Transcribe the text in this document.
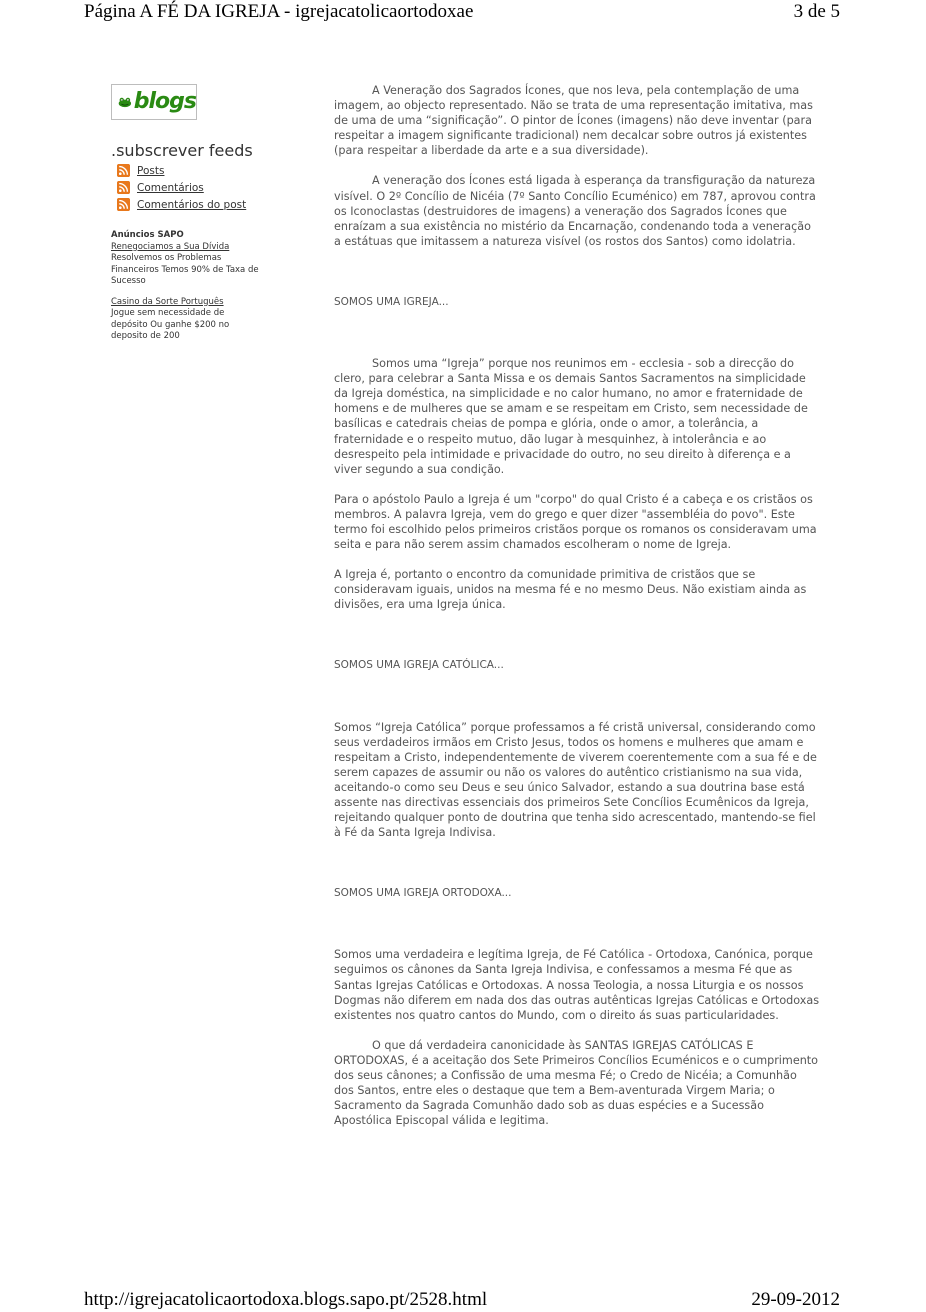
Página A FÉ DA IGREJA - igrejacatolicaortodoxae	3 de 5
blogs
.subscrever feeds
Posts
Comentários
Comentários do post
Anúncios SAPO
Renegociamos a Sua Dívida
Resolvemos os Problemas Financeiros Temos 90% de Taxa de Sucesso
Casino da Sorte Português
Jogue sem necessidade de depósito Ou ganhe $200 no deposito de 200

A Veneração dos Sagrados Ícones, que nos leva, pela contemplação de uma imagem, ao objecto representado. Não se trata de uma representação imitativa, mas de uma de uma “significação”. O pintor de Ícones (imagens) não deve inventar (para respeitar a imagem significante tradicional) nem decalcar sobre outros já existentes (para respeitar a liberdade da arte e a sua diversidade).

A veneração dos Ícones está ligada à esperança da transfiguração da natureza visível. O 2º Concílio de Nicéia (7º Santo Concílio Ecuménico) em 787, aprovou contra os Iconoclastas (destruidores de imagens) a veneração dos Sagrados Ícones que enraízam a sua existência no mistério da Encarnação, condenando toda a veneração a estátuas que imitassem a natureza visível (os rostos dos Santos) como idolatria.

SOMOS UMA IGREJA...

Somos uma “Igreja” porque nos reunimos em - ecclesia - sob a direcção do clero, para celebrar a Santa Missa e os demais Santos Sacramentos na simplicidade da Igreja doméstica, na simplicidade e no calor humano, no amor e fraternidade de homens e de mulheres que se amam e se respeitam em Cristo, sem necessidade de basílicas e catedrais cheias de pompa e glória, onde o amor, a tolerância, a fraternidade e o respeito mutuo, dão lugar à mesquinhez, à intolerância e ao desrespeito pela intimidade e privacidade do outro, no seu direito à diferença e a viver segundo a sua condição.

Para o apóstolo Paulo a Igreja é um "corpo" do qual Cristo é a cabeça e os cristãos os membros. A palavra Igreja, vem do grego e quer dizer "assembléia do povo". Este termo foi escolhido pelos primeiros cristãos porque os romanos os consideravam uma seita e para não serem assim chamados escolheram o nome de Igreja.

A Igreja é, portanto o encontro da comunidade primitiva de cristãos que se consideravam iguais, unidos na mesma fé e no mesmo Deus. Não existiam ainda as divisões, era uma Igreja única.

SOMOS UMA IGREJA CATÓLICA...

Somos “Igreja Católica” porque professamos a fé cristã universal, considerando como seus verdadeiros irmãos em Cristo Jesus, todos os homens e mulheres que amam e respeitam a Cristo, independentemente de viverem coerentemente com a sua fé e de serem capazes de assumir ou não os valores do autêntico cristianismo na sua vida, aceitando-o como seu Deus e seu único Salvador, estando a sua doutrina base está assente nas directivas essenciais dos primeiros Sete Concílios Ecumênicos da Igreja, rejeitando qualquer ponto de doutrina que tenha sido acrescentado, mantendo-se fiel à Fé da Santa Igreja Indivisa.

SOMOS UMA IGREJA ORTODOXA...

Somos uma verdadeira e legítima Igreja, de Fé Católica - Ortodoxa, Canónica, porque seguimos os cânones da Santa Igreja Indivisa, e confessamos a mesma Fé que as Santas Igrejas Católicas e Ortodoxas. A nossa Teologia, a nossa Liturgia e os nossos Dogmas não diferem em nada dos das outras autênticas Igrejas Católicas e Ortodoxas existentes nos quatro cantos do Mundo, com o direito ás suas particularidades.

O que dá verdadeira canonicidade às SANTAS IGREJAS CATÓLICAS E ORTODOXAS, é a aceitação dos Sete Primeiros Concílios Ecuménicos e o cumprimento dos seus cânones; a Confissão de uma mesma Fé; o Credo de Nicéia; a Comunhão dos Santos, entre eles o destaque que tem a Bem-aventurada Virgem Maria; o Sacramento da Sagrada Comunhão dado sob as duas espécies e a Sucessão Apostólica Episcopal válida e legitima.

http://igrejacatolicaortodoxa.blogs.sapo.pt/2528.html	29-09-2012
